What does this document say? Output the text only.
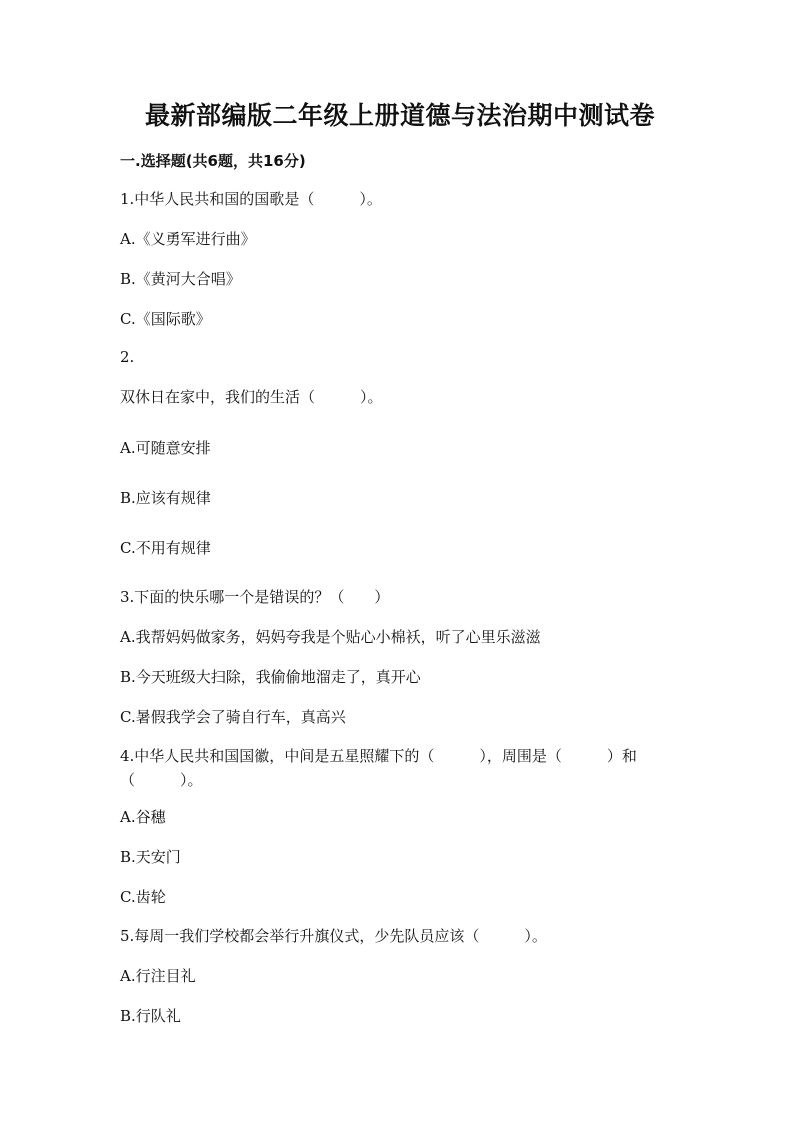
最新部编版二年级上册道德与法治期中测试卷
一.选择题(共6题，共16分)
1.中华人民共和国的国歌是（　　　）。
A.《义勇军进行曲》
B.《黄河大合唱》
C.《国际歌》
2.
双休日在家中，我们的生活（　　　）。
A.可随意安排
B.应该有规律
C.不用有规律
3.下面的快乐哪一个是错误的？（　　）
A.我帮妈妈做家务，妈妈夸我是个贴心小棉袄，听了心里乐滋滋
B.今天班级大扫除，我偷偷地溜走了，真开心
C.暑假我学会了骑自行车，真高兴
4.中华人民共和国国徽，中间是五星照耀下的（　　　），周围是（　　　）和（　　　）。
A.谷穗
B.天安门
C.齿轮
5.每周一我们学校都会举行升旗仪式，少先队员应该（　　　）。
A.行注目礼
B.行队礼
